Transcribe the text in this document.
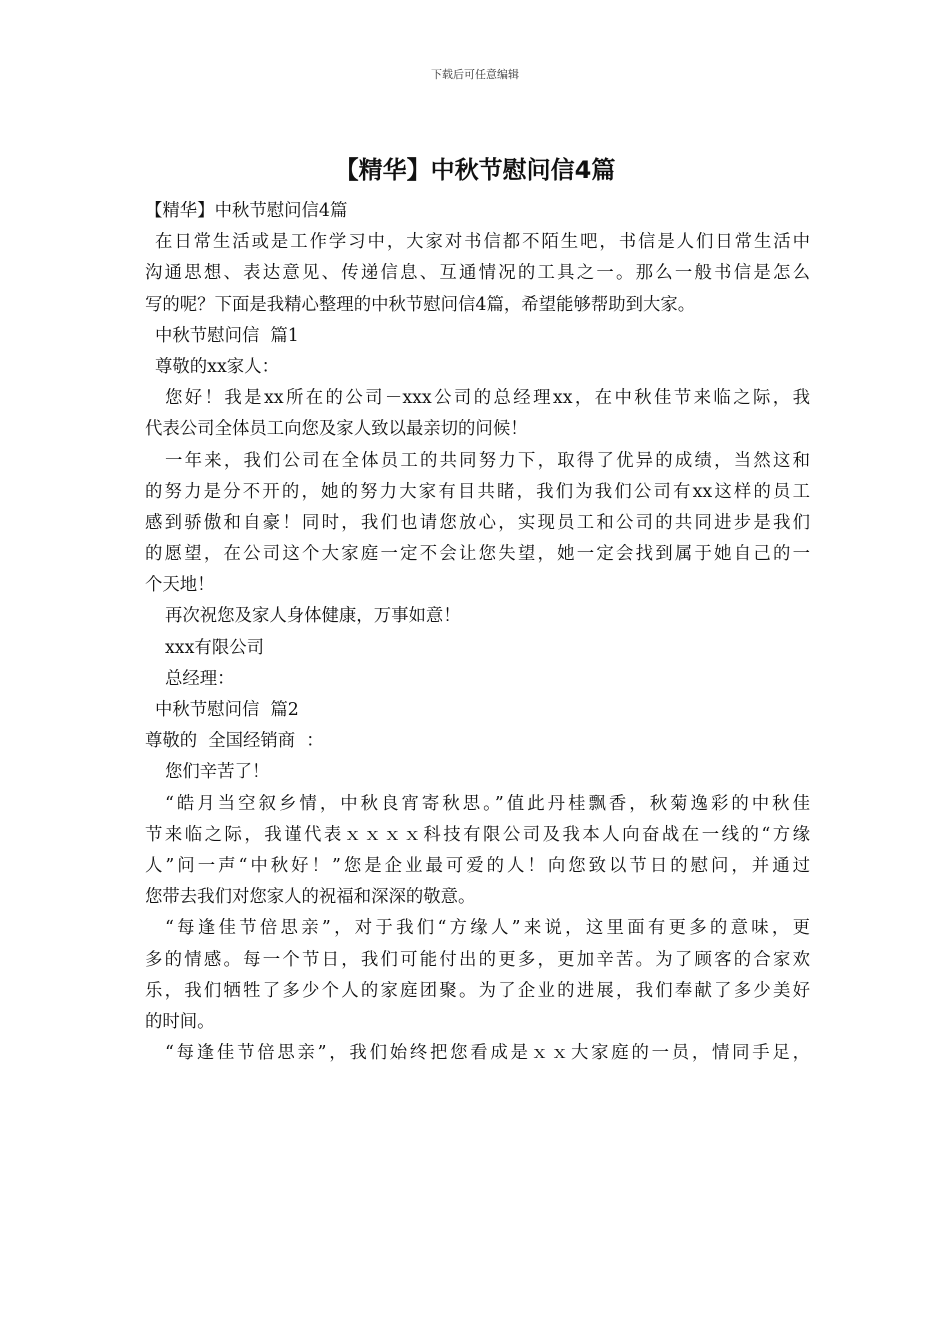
下载后可任意编辑
【精华】中秋节慰问信4篇
【精华】中秋节慰问信4篇
在日常生活或是工作学习中，大家对书信都不陌生吧，书信是人们日常生活中
沟通思想、表达意见、传递信息、互通情况的工具之一。那么一般书信是怎么
写的呢？下面是我精心整理的中秋节慰问信4篇，希望能够帮助到大家。
中秋节慰问信  篇1
尊敬的xx家人：
您好！我是xx所在的公司－xxx公司的总经理xx，在中秋佳节来临之际，我
代表公司全体员工向您及家人致以最亲切的问候！
一年来，我们公司在全体员工的共同努力下，取得了优异的成绩，当然这和
的努力是分不开的，她的努力大家有目共睹，我们为我们公司有xx这样的员工
感到骄傲和自豪！同时，我们也请您放心，实现员工和公司的共同进步是我们
的愿望，在公司这个大家庭一定不会让您失望，她一定会找到属于她自己的一
个天地！
再次祝您及家人身体健康，万事如意！
xxx有限公司
总经理：
中秋节慰问信  篇2
尊敬的  全国经销商  ：
您们辛苦了！
“皓月当空叙乡情，中秋良宵寄秋思。”值此丹桂飘香，秋菊逸彩的中秋佳
节来临之际，我谨代表ｘｘｘｘ科技有限公司及我本人向奋战在一线的“方缘
人”问一声“中秋好！”您是企业最可爱的人！向您致以节日的慰问，并通过
您带去我们对您家人的祝福和深深的敬意。
“每逢佳节倍思亲”，对于我们“方缘人”来说，这里面有更多的意味，更
多的情感。每一个节日，我们可能付出的更多，更加辛苦。为了顾客的合家欢
乐，我们牺牲了多少个人的家庭团聚。为了企业的进展，我们奉献了多少美好
的时间。
“每逢佳节倍思亲”，我们始终把您看成是ｘｘ大家庭的一员，情同手足，
